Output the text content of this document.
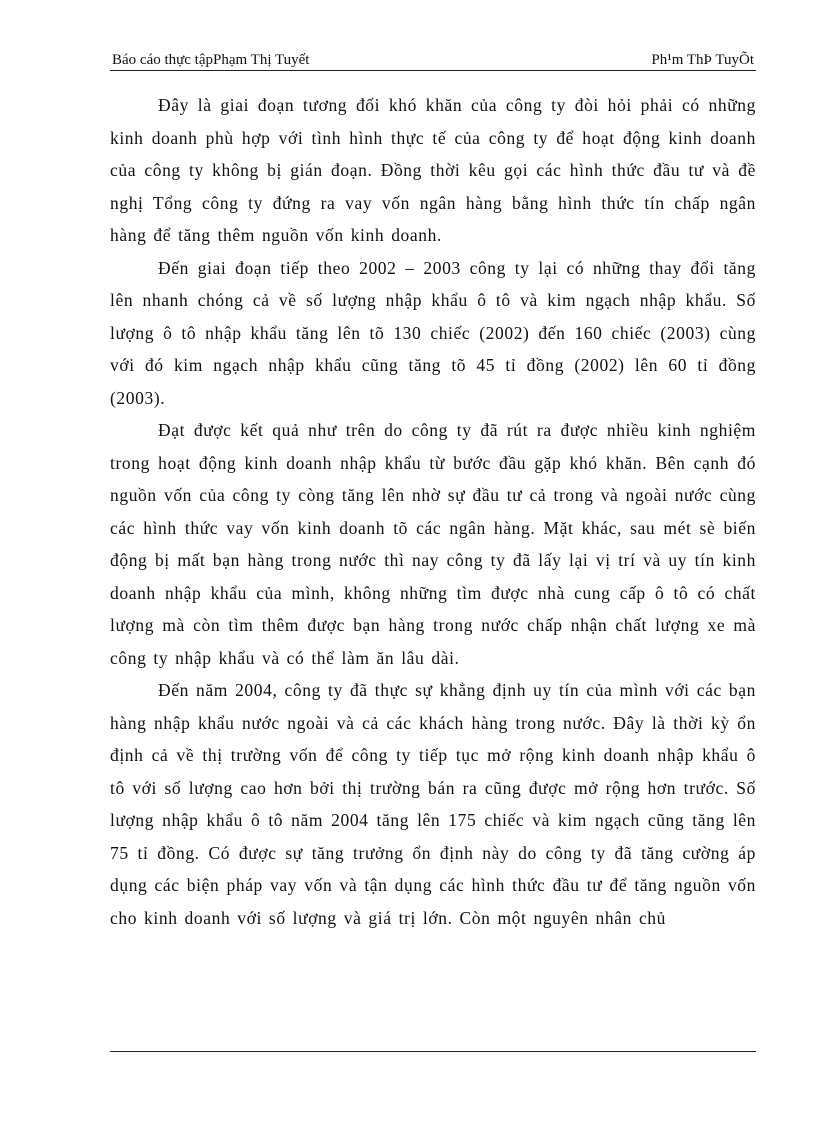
Báo cáo thực tậpPhạm Thị Tuyết	Ph¹m ThÞ TuyÕt

Đây là giai đoạn tương đối khó khăn của công ty đòi hỏi phải có những kinh doanh phù hợp với tình hình thực tế của công ty để hoạt động kinh doanh của công ty không bị gián đoạn. Đồng thời kêu gọi các hình thức đầu tư và đề nghị Tổng công ty đứng ra vay vốn ngân hàng bằng hình thức tín chấp ngân hàng để tăng thêm nguồn vốn kinh doanh.

Đến giai đoạn tiếp theo 2002 – 2003 công ty lại có những thay đổi tăng lên nhanh chóng cả về số lượng nhập khẩu ô tô và kim ngạch nhập khẩu. Số lượng ô tô nhập khẩu tăng lên tõ 130 chiếc (2002) đến 160 chiếc (2003) cùng với đó kim ngạch nhập khẩu cũng tăng tõ 45 tỉ đồng (2002) lên 60 tỉ đồng (2003).

Đạt được kết quả như trên do công ty đã rút ra được nhiều kinh nghiệm trong hoạt động kinh doanh nhập khẩu từ bước đầu gặp khó khăn. Bên cạnh đó nguồn vốn của công ty còng tăng lên nhờ sự đầu tư cả trong và ngoài nước cùng các hình thức vay vốn kinh doanh tõ các ngân hàng. Mặt khác, sau mét sè biến động bị mất bạn hàng trong nước thì nay công ty đã lấy lại vị trí và uy tín kinh doanh nhập khẩu của mình, không những tìm được nhà cung cấp ô tô có chất lượng mà còn tìm thêm được bạn hàng trong nước chấp nhận chất lượng xe mà công ty nhập khẩu và có thể làm ăn lâu dài.

Đến năm 2004, công ty đã thực sự khẳng định uy tín của mình với các bạn hàng nhập khẩu nước ngoài và cả các khách hàng trong nước. Đây là thời kỳ ổn định cả về thị trường vốn để công ty tiếp tục mở rộng kinh doanh nhập khẩu ô tô với số lượng cao hơn bởi thị trường bán ra cũng được mở rộng hơn trước. Số lượng nhập khẩu ô tô năm 2004 tăng lên 175 chiếc và kim ngạch cũng tăng lên 75 tỉ đồng. Có được sự tăng trưởng ổn định này do công ty đã tăng cường áp dụng các biện pháp vay vốn và tận dụng các hình thức đầu tư để tăng nguồn vốn cho kinh doanh với số lượng và giá trị lớn. Còn một nguyên nhân chủ
